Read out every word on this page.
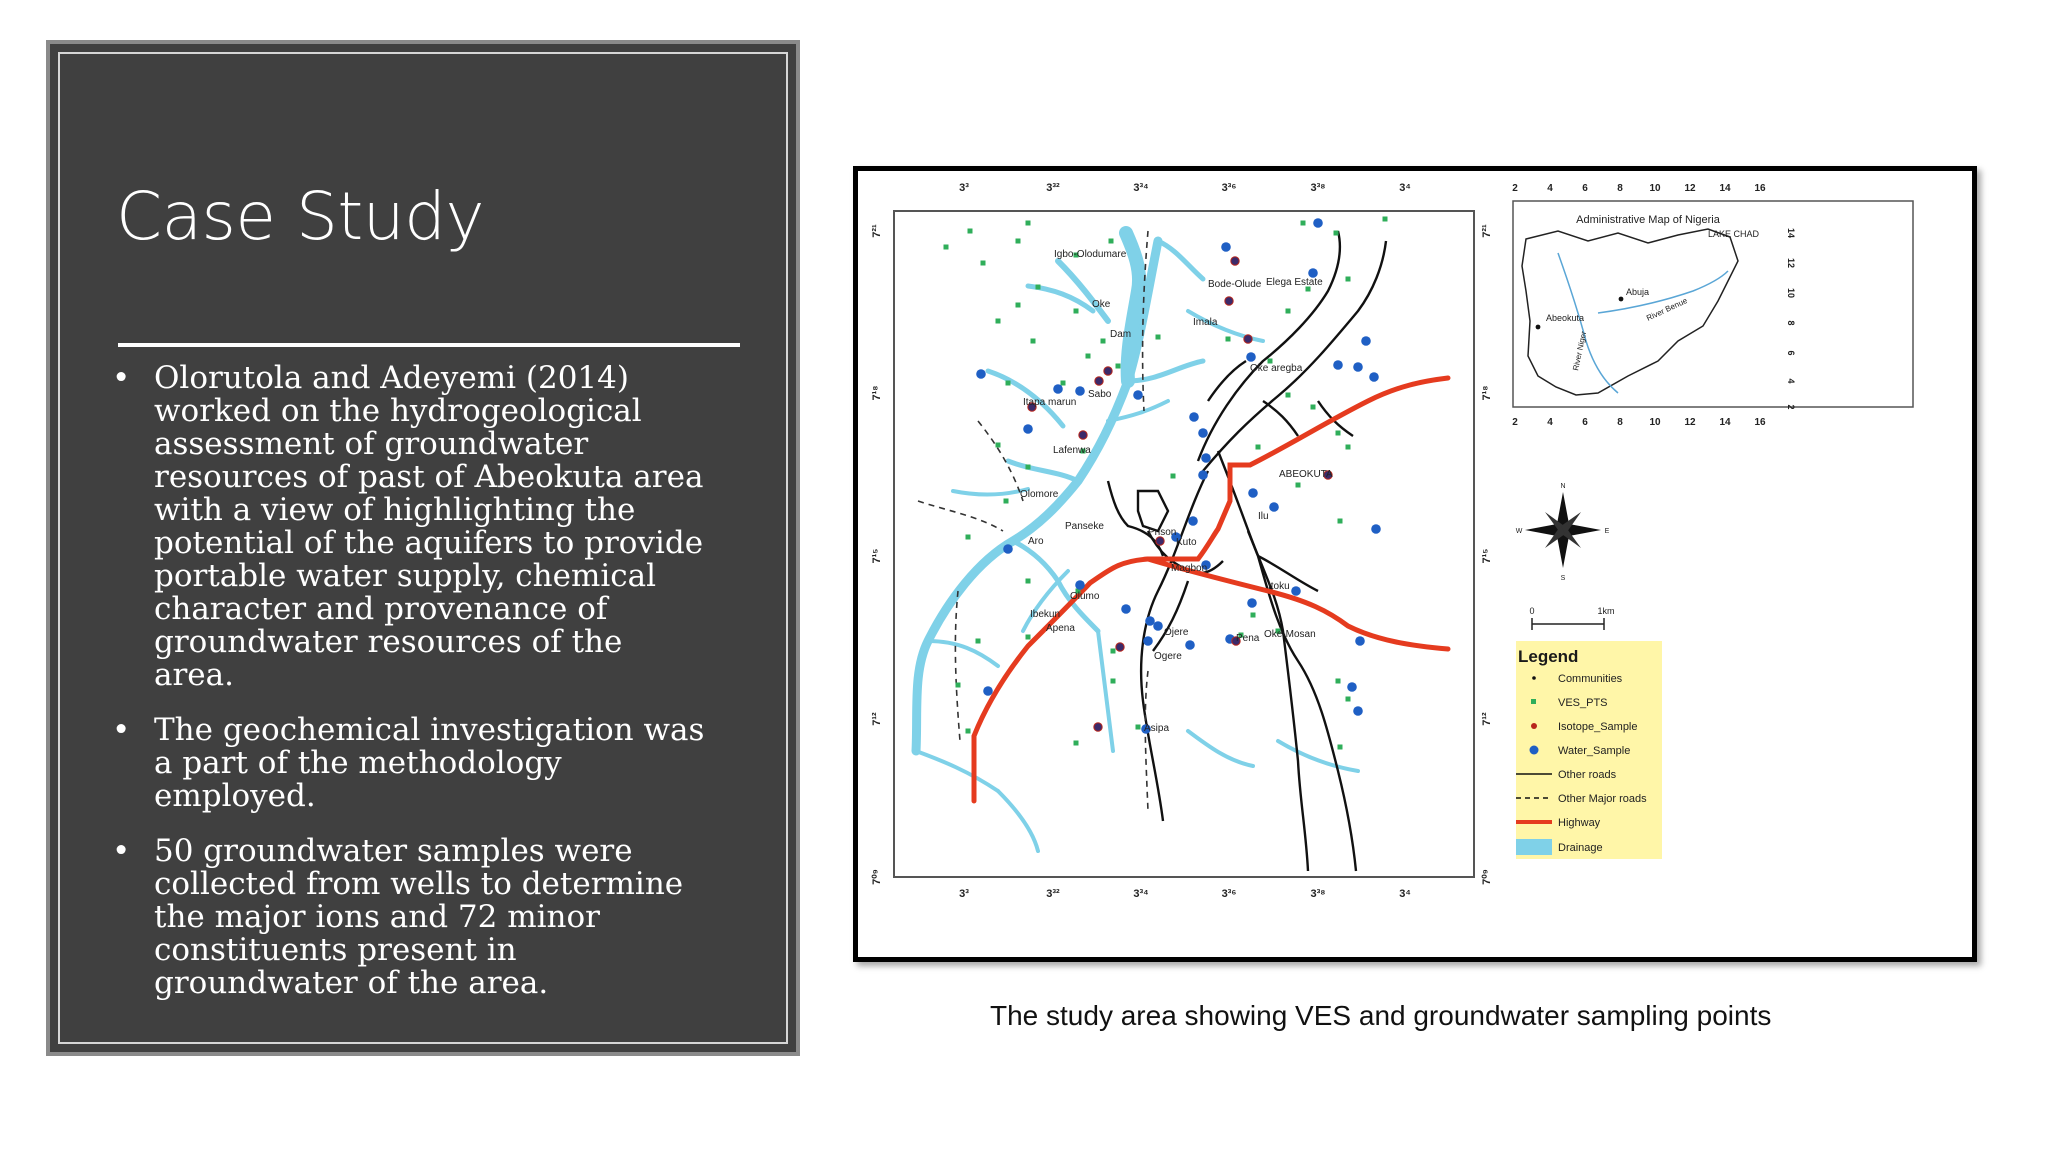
Case Study
• Olorutola and Adeyemi (2014) worked on the hydrogeological assessment of groundwater resources of past of Abeokuta area with a view of highlighting the potential of the aquifers to provide portable water supply, chemical character and provenance of groundwater resources of the area.
• The geochemical investigation was a part of the methodology employed.
• 50 groundwater samples were collected from wells to determine the major ions and 72 minor constituents present in groundwater of the area.
Igbo-Olodumare
Oke
Dam
Imala
Bode-Olude Elega Estate
Oke aregba
Sabo
Itapa marun
Lafenwa
ABEOKUTA
Olomore
Panseke
Prison
Kuto
Magbon
Itoku
Olumo
Ibekun
Apena	Ojere
Ogere
Pena Oke-Mosan
Asipa
Aro
Ilu
3³	3³²	3³⁴	3³⁶	3³⁸	3⁴
3³	3³²	3³⁴	3³⁶	3³⁸	3⁴
7²¹
7¹⁸
7¹⁵
7¹²
7⁰⁹
7²¹
7¹⁸
7¹⁵
7¹²
7⁰⁹
2	4	6	8	10 12 14 16
2	4	6	8	10 12 14 16
14
12
10
8
6
4
2
Administrative Map of Nigeria
Abuja
Abeokuta
LAKE CHAD
River Benue
River Niger
N
S
W	E
0	1km
Legend
Communities
VES_PTS
Isotope_Sample
Water_Sample
Other roads
Other Major roads
Highway
Drainage
The study area showing VES and groundwater sampling points
